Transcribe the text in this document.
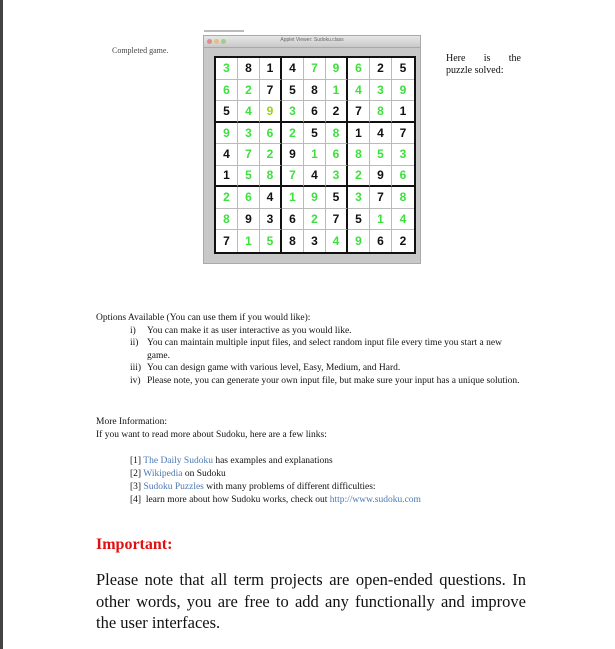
Completed game.
Applet Viewer: Sudoku.class
3	8	1	4	7	9	6	2	5
6	2	7	5	8	1	4	3	9
5	4	9	3	6	2	7	8	1
9	3	6	2	5	8	1	4	7
4	7	2	9	1	6	8	5	3
1	5	8	7	4	3	2	9	6
2	6	4	1	9	5	3	7	8
8	9	3	6	2	7	5	1	4
7	1	5	8	3	4	9	6	2
Here is the
puzzle solved:
Options Available (You can use them if you would like):
i)	You can make it as user interactive as you would like.
ii) You can maintain multiple input files, and select random input file every time you start a new game.
iii) You can design game with various level, Easy, Medium, and Hard.
iv) Please note, you can generate your own input file, but make sure your input has a unique solution.
More Information:
If you want to read more about Sudoku, here are a few links:
[1] The Daily Sudoku has examples and explanations
[2] Wikipedia on Sudoku
[3] Sudoku Puzzles with many problems of different difficulties:
[4]  learn more about how Sudoku works, check out http://www.sudoku.com
Important:
Please note that all term projects are open-ended questions. In other words, you are free to add any functionally and improve the user interfaces.
